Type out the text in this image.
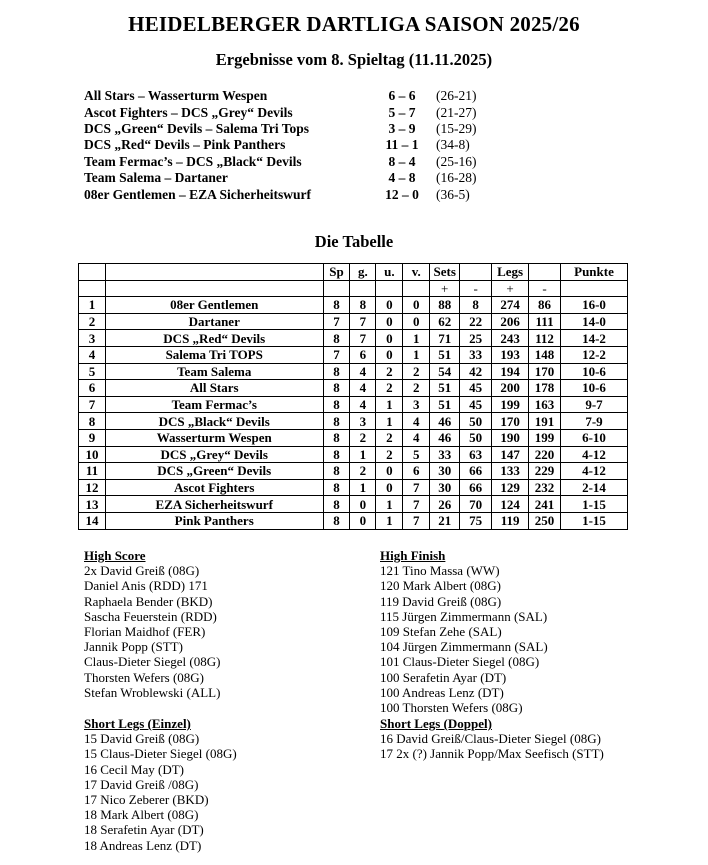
HEIDELBERGER DARTLIGA SAISON 2025/26
Ergebnisse vom 8. Spieltag (11.11.2025)
All Stars – Wasserturm Wespen	6 – 6	(26-21)
Ascot Fighters – DCS „Grey“ Devils	5 – 7	(21-27)
DCS „Green“ Devils – Salema Tri Tops	3 – 9	(15-29)
DCS „Red“ Devils – Pink Panthers	11 – 1	(34-8)
Team Fermac’s – DCS „Black“ Devils	8 – 4	(25-16)
Team Salema – Dartaner	4 – 8	(16-28)
08er Gentlemen – EZA Sicherheitswurf	12 – 0	(36-5)
Die Tabelle
		Sp	g.	u.	v.	Sets		Legs		Punkte
						+	-	+	-	
1	08er Gentlemen	8	8	0	0	88	8	274	86	16-0
2	Dartaner	7	7	0	0	62	22	206	111	14-0
3	DCS „Red“ Devils	8	7	0	1	71	25	243	112	14-2
4	Salema Tri TOPS	7	6	0	1	51	33	193	148	12-2
5	Team Salema	8	4	2	2	54	42	194	170	10-6
6	All Stars	8	4	2	2	51	45	200	178	10-6
7	Team Fermac’s	8	4	1	3	51	45	199	163	9-7
8	DCS „Black“ Devils	8	3	1	4	46	50	170	191	7-9
9	Wasserturm Wespen	8	2	2	4	46	50	190	199	6-10
10	DCS „Grey“ Devils	8	1	2	5	33	63	147	220	4-12
11	DCS „Green“ Devils	8	2	0	6	30	66	133	229	4-12
12	Ascot Fighters	8	1	0	7	30	66	129	232	2-14
13	EZA Sicherheitswurf	8	0	1	7	26	70	124	241	1-15
14	Pink Panthers	8	0	1	7	21	75	119	250	1-15
High Score
2x David Greiß (08G)
Daniel Anis (RDD) 171
Raphaela Bender (BKD)
Sascha Feuerstein (RDD)
Florian Maidhof (FER)
Jannik Popp (STT)
Claus-Dieter Siegel (08G)
Thorsten Wefers (08G)
Stefan Wroblewski (ALL)
High Finish
121 Tino Massa (WW)
120 Mark Albert (08G)
119 David Greiß (08G)
115 Jürgen Zimmermann (SAL)
109 Stefan Zehe (SAL)
104 Jürgen Zimmermann (SAL)
101 Claus-Dieter Siegel (08G)
100 Serafetin Ayar (DT)
100 Andreas Lenz (DT)
100 Thorsten Wefers (08G)
Short Legs (Einzel)
15 David Greiß (08G)
15 Claus-Dieter Siegel (08G)
16 Cecil May (DT)
17 David Greiß /08G)
17 Nico Zeberer (BKD)
18 Mark Albert (08G)
18 Serafetin Ayar (DT)
18 Andreas Lenz (DT)
Short Legs (Doppel)
16 David Greiß/Claus-Dieter Siegel (08G)
17 2x (?) Jannik Popp/Max Seefisch (STT)
